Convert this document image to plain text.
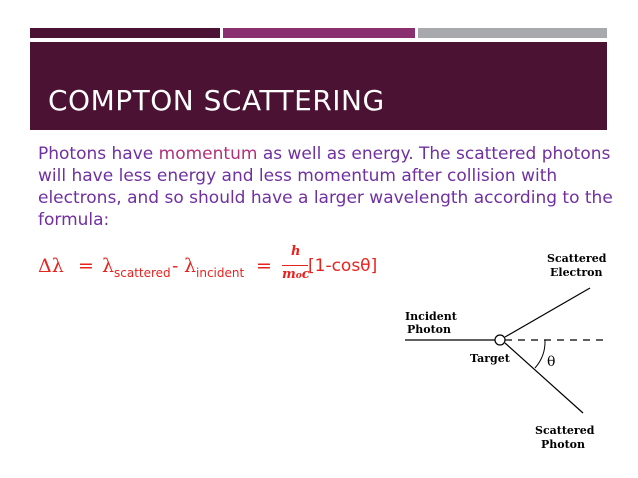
COMPTON SCATTERING
Photons have momentum as well as energy. The scattered photons will have less energy and less momentum after collision with electrons, and so should have a larger wavelength according to the formula:
Δλ = λ scattered - λ incident =
h
moc
[1-cosθ]
Incident
Photon
Target
Scattered
Electron
Scattered
Photon
θ
